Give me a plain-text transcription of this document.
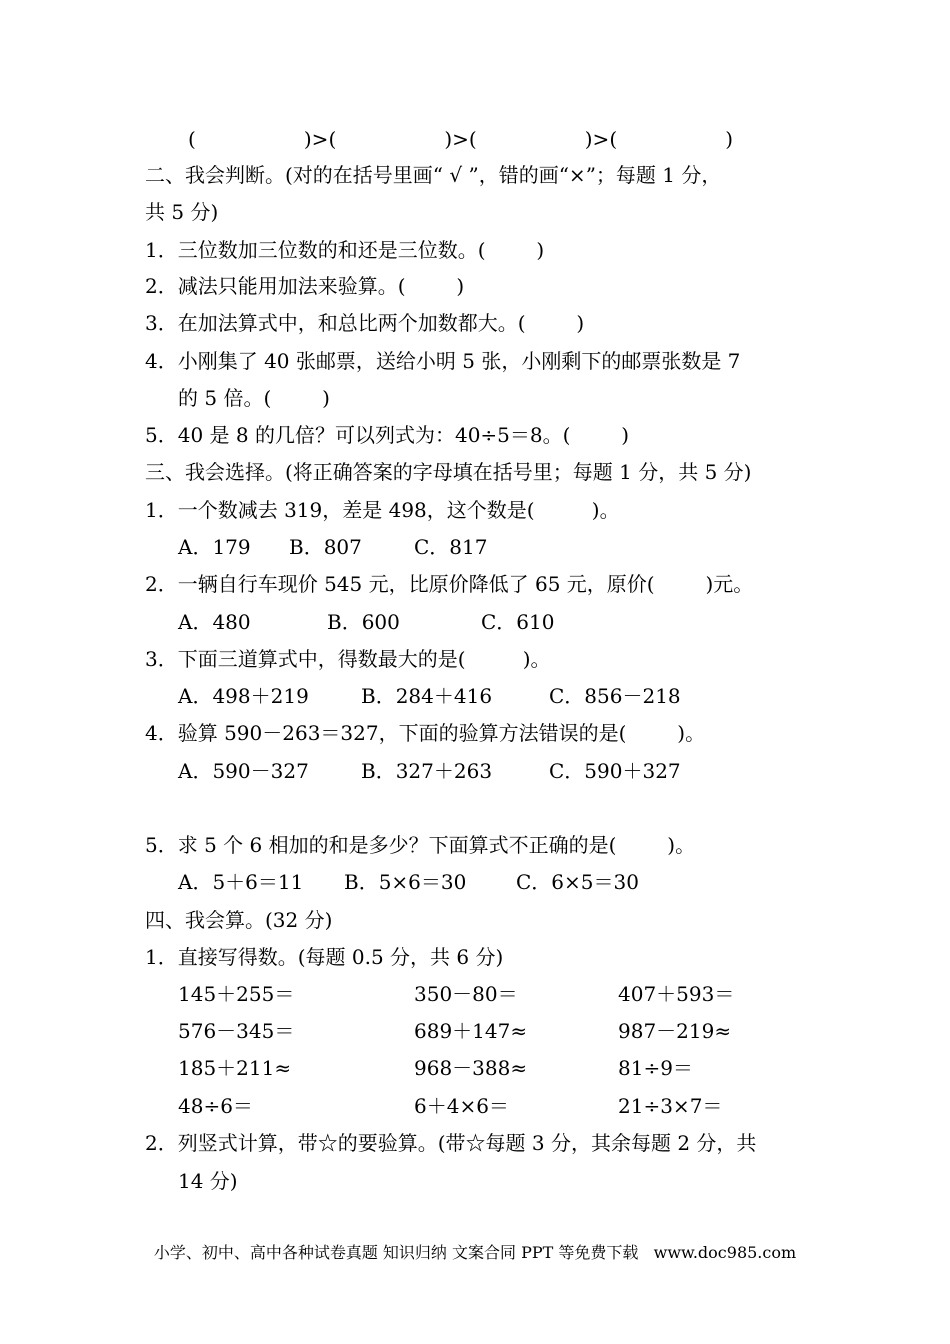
(                 )>(                 )>(                 )>(                 )
二、我会判断。(对的在括号里画“ √ ”，错的画“×”；每题 1 分，
共 5 分)
1．三位数加三位数的和还是三位数。(        )
2．减法只能用加法来验算。(        )
3．在加法算式中，和总比两个加数都大。(        )
4．小刚集了 40 张邮票，送给小明 5 张，小刚剩下的邮票张数是 7
的 5 倍。(        )
5．40 是 8 的几倍？可以列式为：40÷5＝8。(        )
三、我会选择。(将正确答案的字母填在括号里；每题 1 分，共 5 分)
1．一个数减去 319，差是 498，这个数是(         )。
A．179 B．807	C．817
2．一辆自行车现价 545 元，比原价降低了 65 元，原价(        )元。
A．480	B．600	C．610
3．下面三道算式中，得数最大的是(         )。
A．498＋219	B．284＋416	C．856－218
4．验算 590－263＝327，下面的验算方法错误的是(        )。
A．590－327	B．327＋263	C．590＋327
5．求 5 个 6 相加的和是多少？下面算式不正确的是(        )。
A．5＋6＝11 B．5×6＝30 C．6×5＝30
四、我会算。(32 分)
1．直接写得数。(每题 0.5 分，共 6 分)
145＋255＝	350－80＝	407＋593＝
576－345＝	689＋147≈	987－219≈
185＋211≈	968－388≈	81÷9＝
48÷6＝	6＋4×6＝	21÷3×7＝
2．列竖式计算，带☆的要验算。(带☆每题 3 分，其余每题 2 分，共
14 分)
小学、初中、高中各种试卷真题 知识归纳 文案合同 PPT 等免费下载   www.doc985.com
